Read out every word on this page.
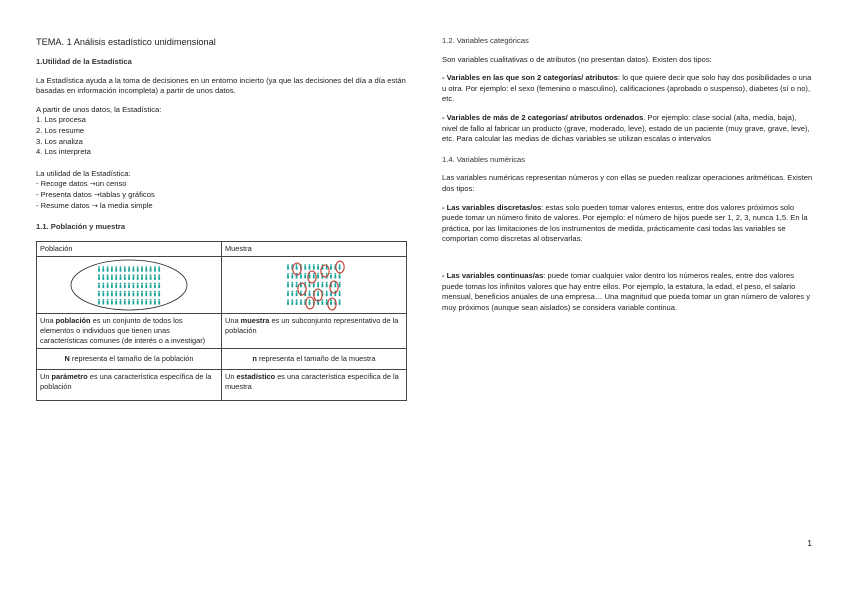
TEMA. 1 Análisis estadístico unidimensional
1.Utilidad de la Estadística

La Estadística ayuda a la toma de decisiones en un entorno incierto (ya que las decisiones del día a día están basadas en información incompleta) a partir de unos datos.

A partir de unos datos, la Estadística:
1. Los procesa
2. Los resume
3. Los analiza
4. Los interpreta
La utilidad de la Estadística:
- Recoge datos →un censo
- Presenta datos →tablas y gráficos
- Resume datos → la media simple
1.1. Población y muestra
Población	Muestra

Una población es un conjunto de todos los elementos o individuos que tienen unas características comunes (de interés o a investigar)	Una muestra es un subconjunto representativo de la población
N representa el tamaño de la población	n representa el tamaño de la muestra
Un parámetro es una característica específica de la población	Un estadístico es una característica específica de la muestra
1.2. Variables categóricas

Son variables cualitativas o de atributos (no presentan datos). Existen dos tipos:

- Variables en las que son 2 categorías/ atributos: lo que quiere decir que solo hay dos posibilidades o una u otra. Por ejemplo: el sexo (femenino o masculino), calificaciones (aprobado o suspenso), diabetes (sí o no), etc.

- Variables de más de 2 categorías/ atributos ordenados. Por ejemplo: clase social (alta, media, baja), nivel de fallo al fabricar un producto (grave, moderado, leve), estado de un paciente (muy grave, grave, leve), etc. Para calcular las medias de dichas variables se utilizan escalas o intervalos

1.4. Variables numéricas

Las variables numéricas representan números y con ellas se pueden realizar operaciones aritméticas. Existen dos tipos:

- Las variables discretas/os: estas solo pueden tomar valores enteros, entre dos valores próximos solo puede tomar un número finito de valores. Por ejemplo: el número de hijos puede ser 1, 2, 3, nunca 1,5. En la práctica, por las limitaciones de los instrumentos de medida, prácticamente casi todas las variables se comportan como discretas al observarlas.

- Las variables continuas/as: puede tomar cualquier valor dentro los números reales, entre dos valores puede tomas los infinitos valores que hay entre ellos. Por ejemplo, la estatura, la edad, el peso, el salario mensual, beneficios anuales de una empresa… Una magnitud que pueda tomar un gran número de valores y muy próximos (aunque sean aislados) se considera variable continua.

1
